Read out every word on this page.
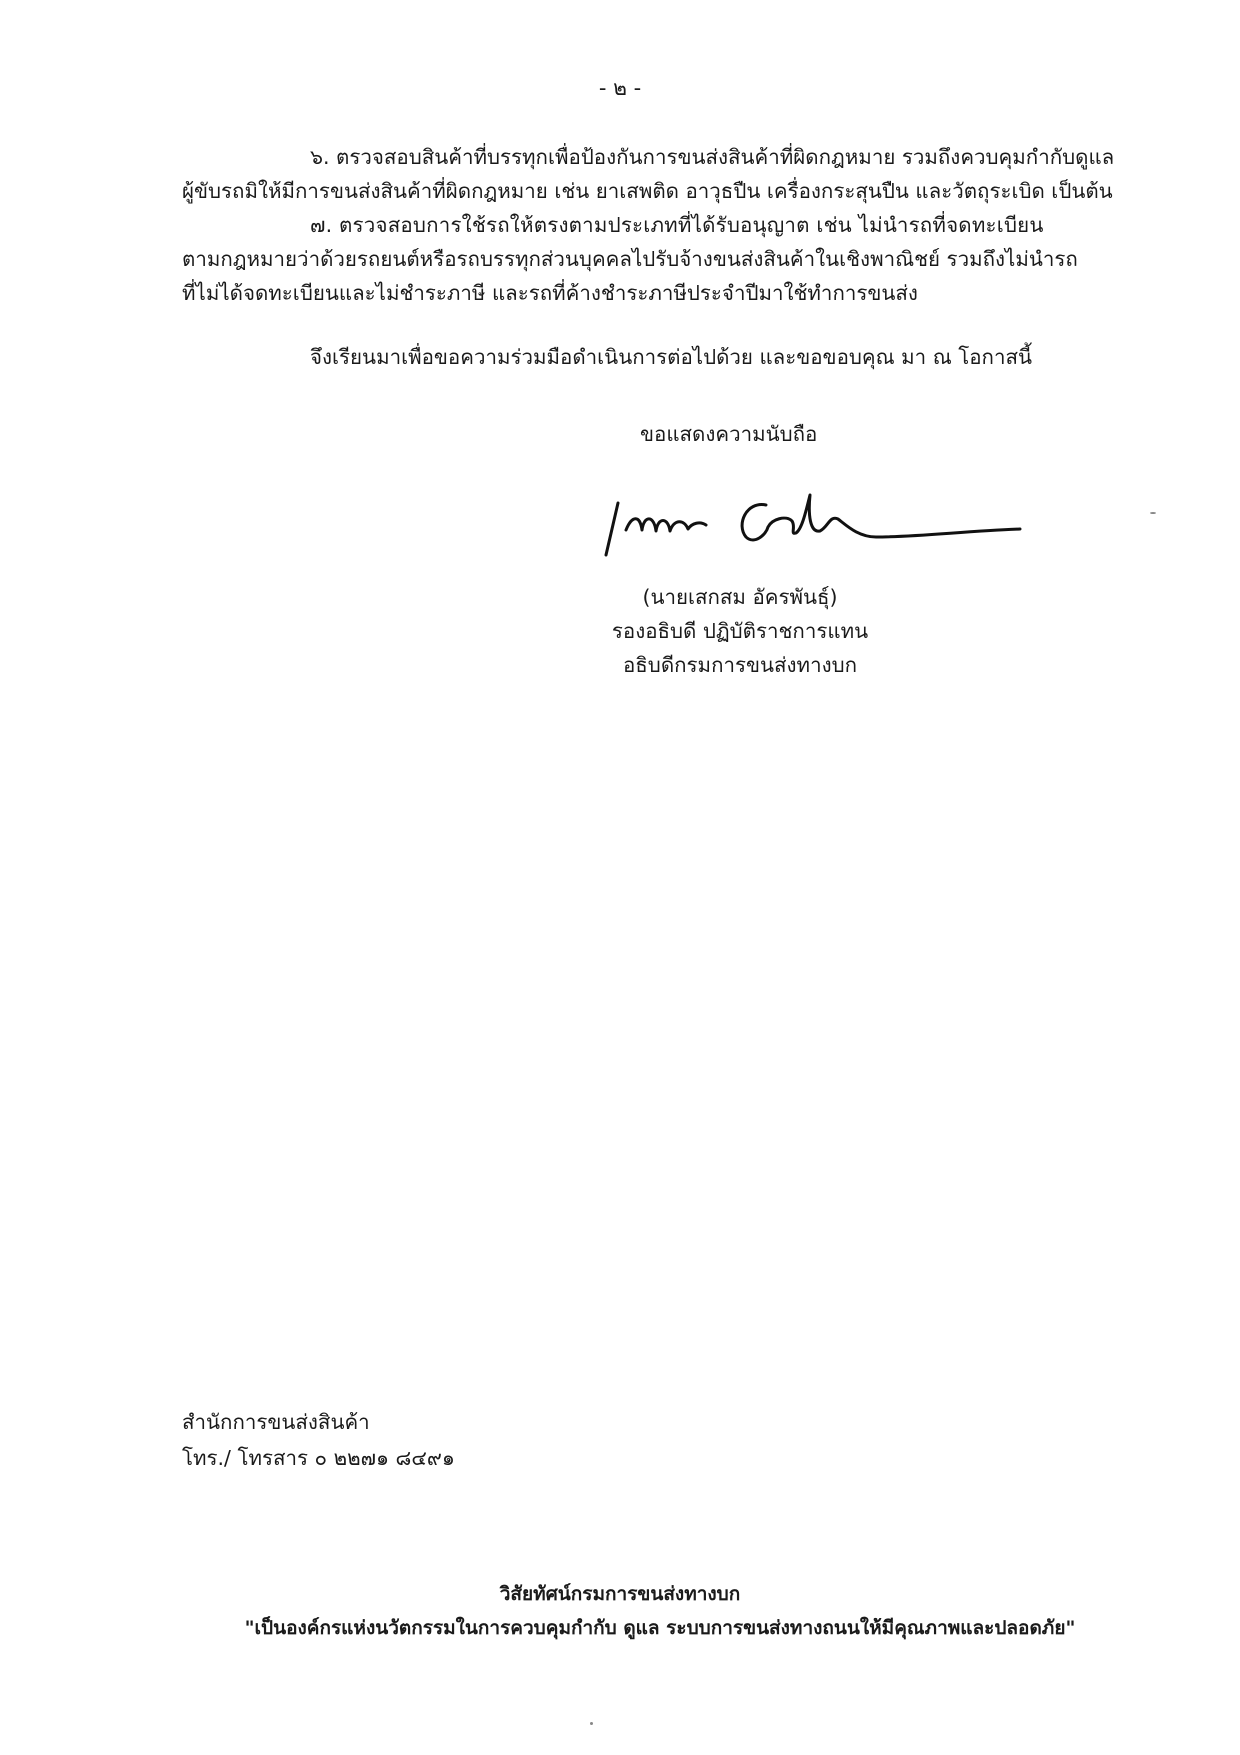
- ๒ -
๖. ตรวจสอบสินค้าที่บรรทุกเพื่อป้องกันการขนส่งสินค้าที่ผิดกฎหมาย รวมถึงควบคุมกำกับดูแล
ผู้ขับรถมิให้มีการขนส่งสินค้าที่ผิดกฎหมาย เช่น ยาเสพติด อาวุธปืน เครื่องกระสุนปืน และวัตถุระเบิด เป็นต้น
๗. ตรวจสอบการใช้รถให้ตรงตามประเภทที่ได้รับอนุญาต เช่น ไม่นำรถที่จดทะเบียน
ตามกฎหมายว่าด้วยรถยนต์หรือรถบรรทุกส่วนบุคคลไปรับจ้างขนส่งสินค้าในเชิงพาณิชย์ รวมถึงไม่นำรถ
ที่ไม่ได้จดทะเบียนและไม่ชำระภาษี และรถที่ค้างชำระภาษีประจำปีมาใช้ทำการขนส่ง
จึงเรียนมาเพื่อขอความร่วมมือดำเนินการต่อไปด้วย และขอขอบคุณ มา ณ โอกาสนี้
ขอแสดงความนับถือ
(นายเสกสม อัครพันธุ์)
รองอธิบดี ปฏิบัติราชการแทน
อธิบดีกรมการขนส่งทางบก
สำนักการขนส่งสินค้า
โทร./ โทรสาร ๐ ๒๒๗๑ ๘๔๙๑
วิสัยทัศน์กรมการขนส่งทางบก
"เป็นองค์กรแห่งนวัตกรรมในการควบคุมกำกับ ดูแล ระบบการขนส่งทางถนนให้มีคุณภาพและปลอดภัย"
